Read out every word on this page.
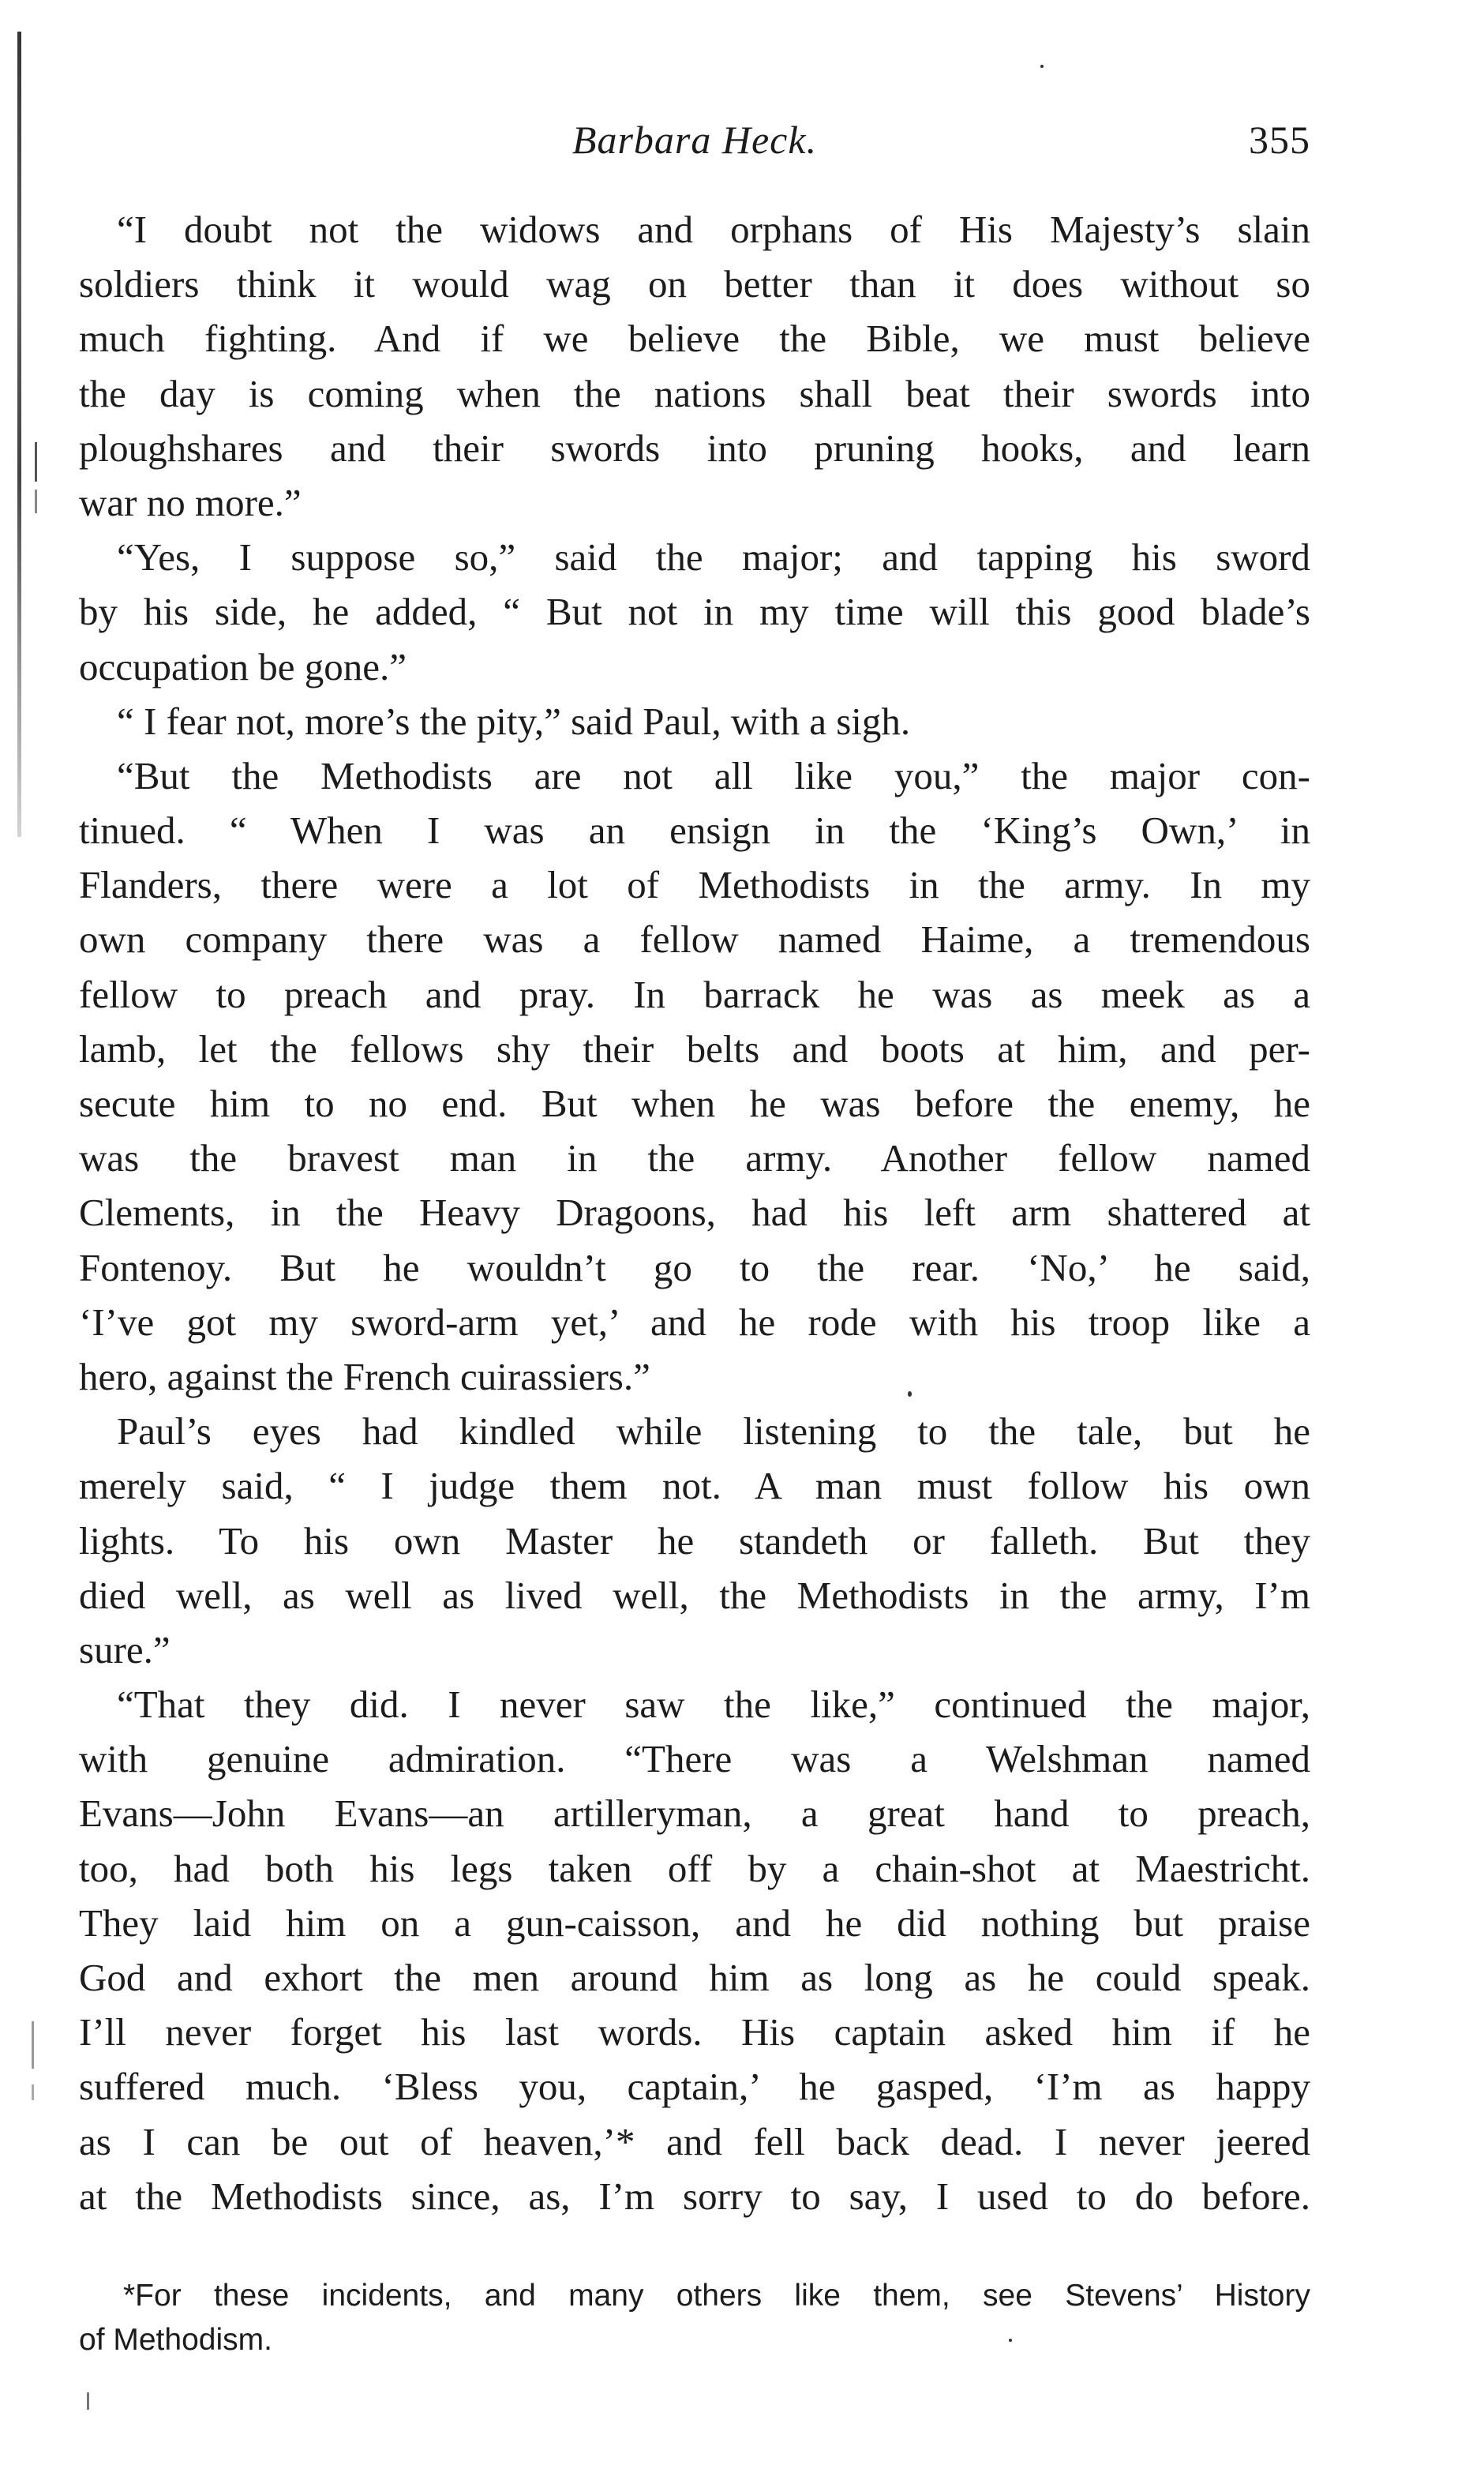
Barbara Heck.	355
“I doubt not the widows and orphans of His Majesty’s slain
soldiers think it would wag on better than it does without so
much fighting. And if we believe the Bible, we must believe
the day is coming when the nations shall beat their swords into
ploughshares and their swords into pruning hooks, and learn
war no more.”
“Yes, I suppose so,” said the major; and tapping his sword
by his side, he added, “ But not in my time will this good blade’s
occupation be gone.”
“ I fear not, more’s the pity,” said Paul, with a sigh.
“But the Methodists are not all like you,” the major con-
tinued. “ When I was an ensign in the ‘King’s Own,’ in
Flanders, there were a lot of Methodists in the army. In my
own company there was a fellow named Haime, a tremendous
fellow to preach and pray. In barrack he was as meek as a
lamb, let the fellows shy their belts and boots at him, and per-
secute him to no end. But when he was before the enemy, he
was the bravest man in the army. Another fellow named
Clements, in the Heavy Dragoons, had his left arm shattered at
Fontenoy. But he wouldn’t go to the rear. ‘No,’ he said,
‘I’ve got my sword-arm yet,’ and he rode with his troop like a
hero, against the French cuirassiers.”
Paul’s eyes had kindled while listening to the tale, but he
merely said, “ I judge them not. A man must follow his own
lights. To his own Master he standeth or falleth. But they
died well, as well as lived well, the Methodists in the army, I’m
sure.”
“That they did. I never saw the like,” continued the major,
with genuine admiration. “There was a Welshman named
Evans—John Evans—an artilleryman, a great hand to preach,
too, had both his legs taken off by a chain-shot at Maestricht.
They laid him on a gun-caisson, and he did nothing but praise
God and exhort the men around him as long as he could speak.
I’ll never forget his last words. His captain asked him if he
suffered much. ‘Bless you, captain,’ he gasped, ‘I’m as happy
as I can be out of heaven,’* and fell back dead. I never jeered
at the Methodists since, as, I’m sorry to say, I used to do before.
*For these incidents, and many others like them, see Stevens’ History
of Methodism.
